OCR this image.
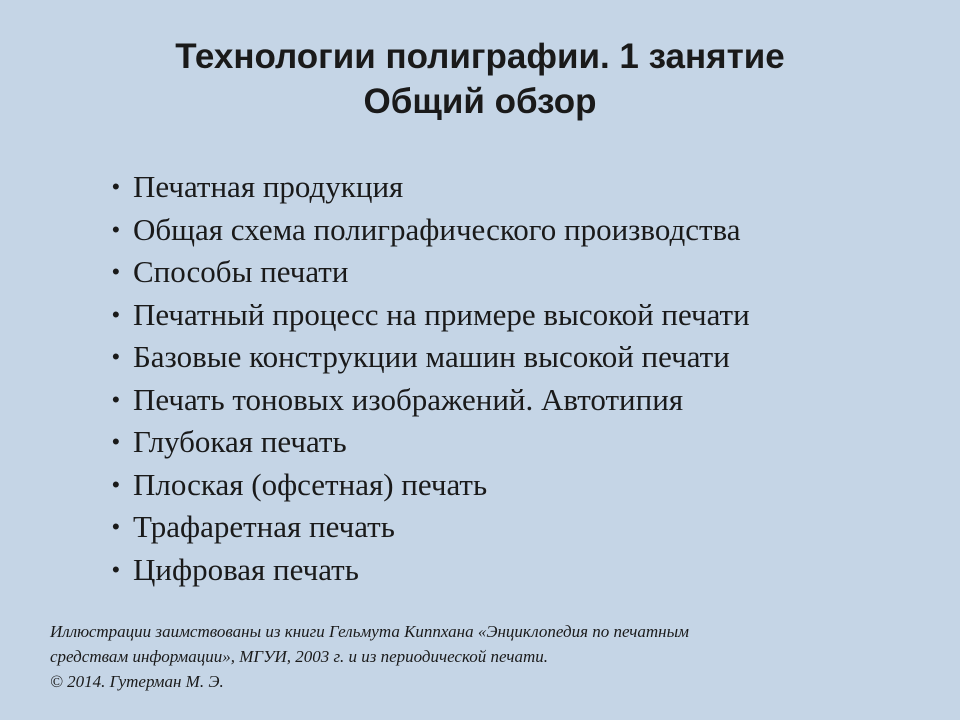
Технологии полиграфии. 1 занятие
Общий обзор
• Печатная продукция
• Общая схема полиграфического производства
• Способы печати
• Печатный процесс на примере высокой печати
• Базовые конструкции машин высокой печати
• Печать тоновых изображений. Автотипия
• Глубокая печать
• Плоская (офсетная) печать
• Трафаретная печать
• Цифровая печать
Иллюстрации заимствованы из книги Гельмута Киппхана «Энциклопедия по печатным
средствам информации», МГУИ, 2003 г. и из периодической печати.
© 2014. Гутерман М. Э.
